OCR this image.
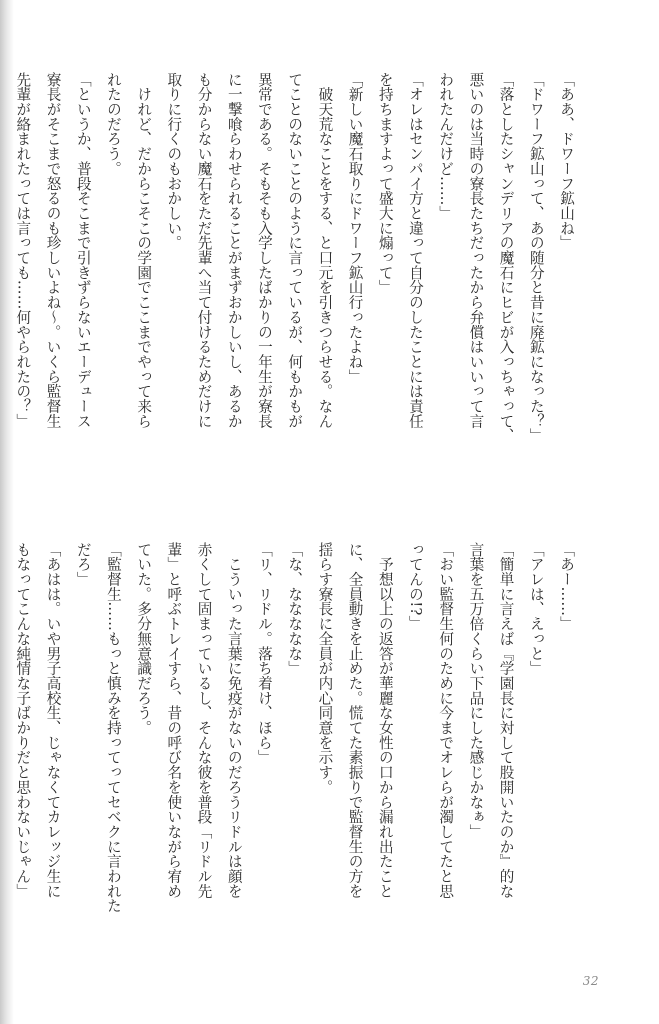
「ああ、ドワーフ鉱山ね」
「ドワーフ鉱山って、あの随分と昔に廃鉱になった？」
「落としたシャンデリアの魔石にヒビが入っちゃって、
悪いのは当時の寮長たちだったから弁償はいいって言
われたんだけど……」
「オレはセンパイ方と違って自分のしたことには責任
を持ちますよって盛大に煽って」
「新しい魔石取りにドワーフ鉱山行ったよね」
　破天荒なことをする、と口元を引きつらせる。なん
てことのないことのように言っているが、何もかもが
異常である。そもそも入学したばかりの一年生が寮長
に一撃喰らわせられることがまずおかしいし、あるか
も分からない魔石をただ先輩へ当て付けるためだけに
取りに行くのもおかしい。
　けれど、だからこそこの学園でここまでやって来ら
れたのだろう。
「というか、普段そこまで引きずらないエーデュース
寮長がそこまで怒るのも珍しいよね～。いくら監督生
先輩が絡まれたっては言っても……何やられたの？」
「あー……」
「アレは、えっと」
「簡単に言えば『学園長に対して股開いたのか』的な
言葉を五万倍くらい下品にした感じかなぁ」
「おい監督生何のために今までオレらが濁してたと思
ってんの!?」
　予想以上の返答が華麗な女性の口から漏れ出たこと
に、全員動きを止めた。慌てた素振りで監督生の方を
揺らす寮長に全員が内心同意を示す。
「な、ななななな」
「リ、リドル。落ち着け、ほら」
　こういった言葉に免疫がないのだろうリドルは顔を
赤くして固まっているし、そんな彼を普段「リドル先
輩」と呼ぶトレイすら、昔の呼び名を使いながら宥め
ていた。多分無意識だろう。
「監督生……もっと慎みを持ってってセベクに言われた
だろ」
「あはは。いや男子高校生、じゃなくてカレッジ生に
もなってこんな純情な子ばかりだと思わないじゃん」
32
